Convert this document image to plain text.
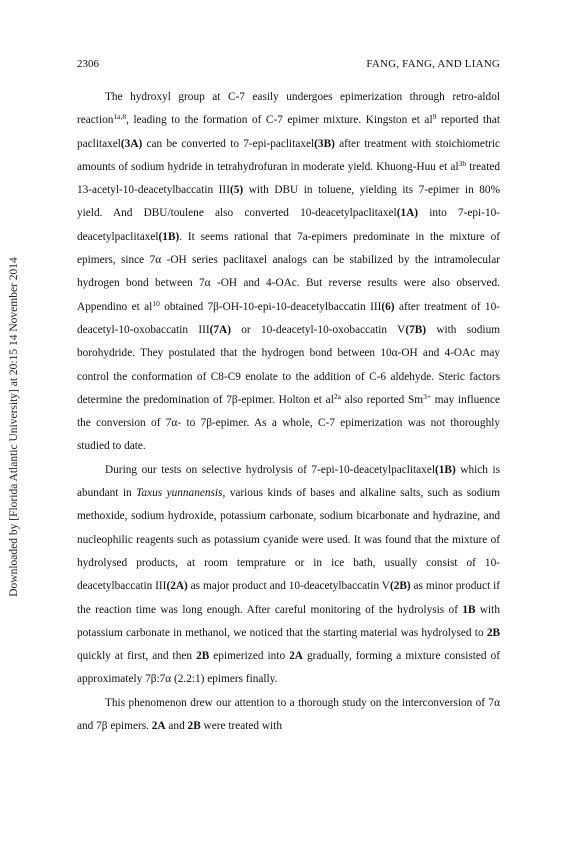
Downloaded by [Florida Atlantic University] at 20:15 14 November 2014
2306	FANG, FANG, AND LIANG

The hydroxyl group at C-7 easily undergoes epimerization through retro-aldol reaction$^{1a,8}$, leading to the formation of C-7 epimer mixture. Kingston et $al^9$ reported that paclitaxel(3A) can be converted to 7-epi-paclitaxel(3B) after treatment with stoichiometric amounts of sodium hydride in tetrahydrofuran in moderate yield. Khuong-Huu et $al^{3b}$ treated 13-acetyl-10-deacetylbaccatin III(5) with DBU in toluene, yielding its 7-epimer in 80% yield. And DBU/toulene also converted 10-deacetylpaclitaxel(1A) into 7-epi-10-deacetylpaclitaxel(1B). It seems rational that 7a-epimers predominate in the mixture of epimers, since 7α -OH series paclitaxel analogs can be stabilized by the intramolecular hydrogen bond between 7α -OH and 4-OAc. But reverse results were also observed. Appendino et $al^{10}$ obtained 7β-OH-10-epi-10-deacetylbaccatin III(6) after treatment of 10-deacetyl-10-oxobaccatin III(7A) or 10-deacetyl-10-oxobaccatin V(7B) with sodium borohydride. They postulated that the hydrogen bond between 10α-OH and 4-OAc may control the conformation of C8-C9 enolate to the addition of C-6 aldehyde. Steric factors determine the predomination of 7β-epimer. Holton et $al^{2a}$ also reported $Sm^{3+}$ may influence the conversion of 7α- to 7β-epimer. As a whole, C-7 epimerization was not thoroughly studied to date.

During our tests on selective hydrolysis of 7-epi-10-deacetylpaclitaxel(1B) which is abundant in Taxus yunnanensis, various kinds of bases and alkaline salts, such as sodium methoxide, sodium hydroxide, potassium carbonate, sodium bicarbonate and hydrazine, and nucleophilic reagents such as potassium cyanide were used. It was found that the mixture of hydrolysed products, at room temprature or in ice bath, usually consist of 10-deacetylbaccatin III(2A) as major product and 10-deacetylbaccatin V(2B) as minor product if the reaction time was long enough. After careful monitoring of the hydrolysis of 1B with potassium carbonate in methanol, we noticed that the starting material was hydrolysed to 2B quickly at first, and then 2B epimerized into 2A gradually, forming a mixture consisted of approximately 7β:7α (2.2:1) epimers finally.

This phenomenon drew our attention to a thorough study on the interconversion of 7α and 7β epimers. 2A and 2B were treated with
